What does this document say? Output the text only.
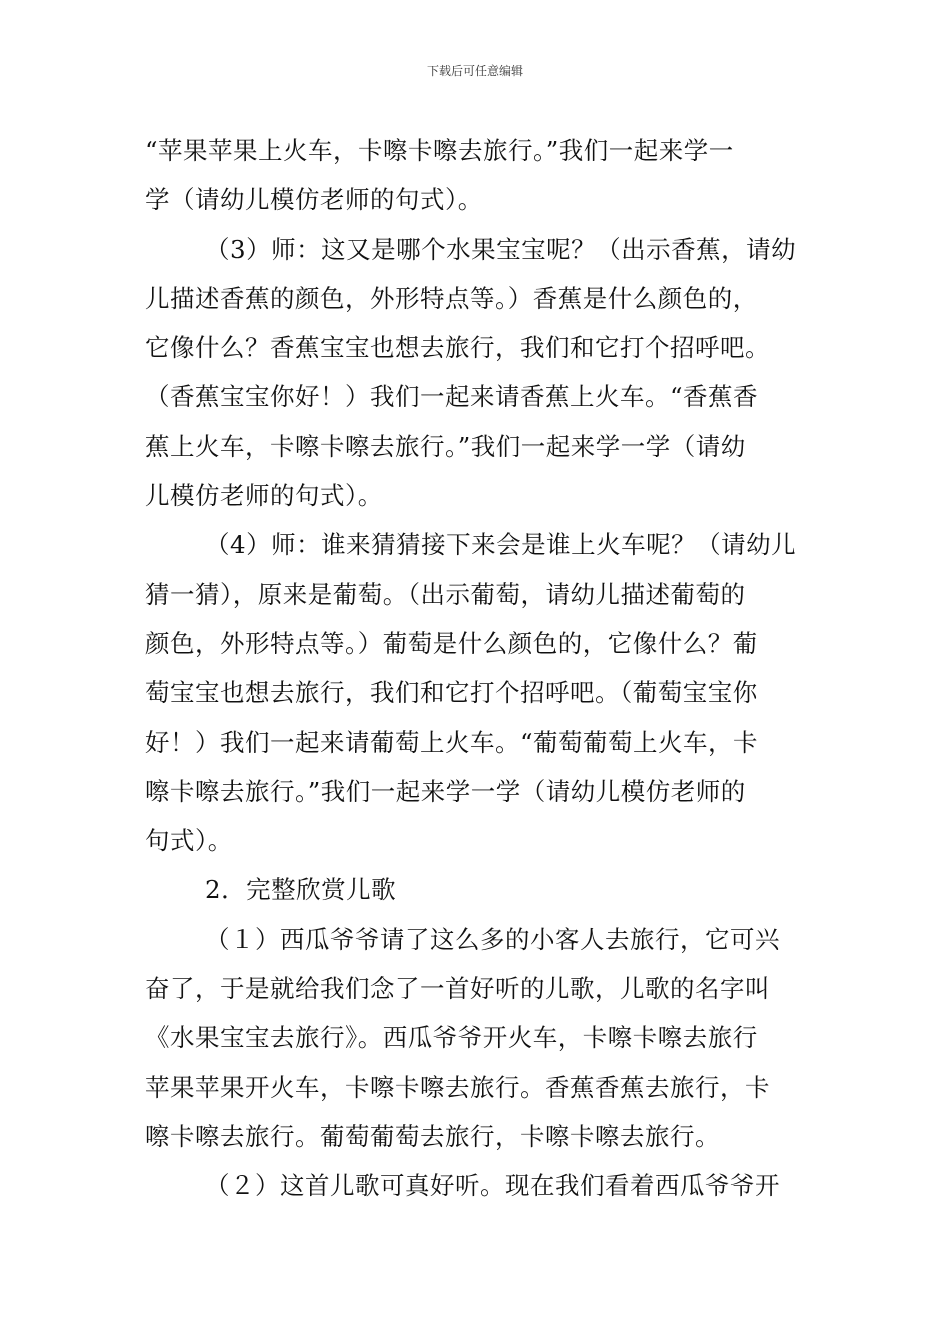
下载后可任意编辑
“苹果苹果上火车，卡嚓卡嚓去旅行。”我们一起来学一
学（请幼儿模仿老师的句式）。
（3）师：这又是哪个水果宝宝呢？（出示香蕉，请幼
儿描述香蕉的颜色，外形特点等。）香蕉是什么颜色的，
它像什么？香蕉宝宝也想去旅行，我们和它打个招呼吧。
（香蕉宝宝你好！）我们一起来请香蕉上火车。“香蕉香
蕉上火车，卡嚓卡嚓去旅行。”我们一起来学一学（请幼
儿模仿老师的句式）。
（4）师：谁来猜猜接下来会是谁上火车呢？（请幼儿
猜一猜），原来是葡萄。（出示葡萄，请幼儿描述葡萄的
颜色，外形特点等。）葡萄是什么颜色的，它像什么？葡
萄宝宝也想去旅行，我们和它打个招呼吧。（葡萄宝宝你
好！）我们一起来请葡萄上火车。“葡萄葡萄上火车，卡
嚓卡嚓去旅行。”我们一起来学一学（请幼儿模仿老师的
句式）。
2．完整欣赏儿歌
（１）西瓜爷爷请了这么多的小客人去旅行，它可兴
奋了，于是就给我们念了一首好听的儿歌，儿歌的名字叫
《水果宝宝去旅行》。西瓜爷爷开火车，卡嚓卡嚓去旅行
苹果苹果开火车，卡嚓卡嚓去旅行。香蕉香蕉去旅行，卡
嚓卡嚓去旅行。葡萄葡萄去旅行，卡嚓卡嚓去旅行。
（２）这首儿歌可真好听。现在我们看着西瓜爷爷开
